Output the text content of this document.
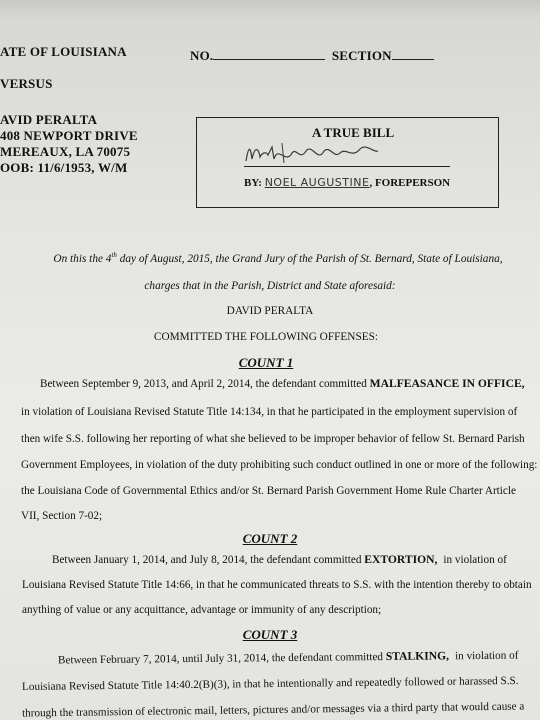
ATE OF LOUISIANA
VERSUS
AVID PERALTA
408 NEWPORT DRIVE
MEREAUX, LA 70075
OOB: 11/6/1953, W/M
NO.	SECTION
A TRUE BILL
BY: NOEL AUGUSTINE, FOREPERSON
On this the 4th day of August, 2015, the Grand Jury of the Parish of St. Bernard, State of Louisiana,
charges that in the Parish, District and State aforesaid:
DAVID PERALTA
COMMITTED THE FOLLOWING OFFENSES:
COUNT 1
Between September 9, 2013, and April 2, 2014, the defendant committed MALFEASANCE IN OFFICE,
in violation of Louisiana Revised Statute Title 14:134, in that he participated in the employment supervision of
then wife S.S. following her reporting of what she believed to be improper behavior of fellow St. Bernard Parish
Government Employees, in violation of the duty prohibiting such conduct outlined in one or more of the following:
the Louisiana Code of Governmental Ethics and/or St. Bernard Parish Government Home Rule Charter Article
VII, Section 7-02;
COUNT 2
Between January 1, 2014, and July 8, 2014, the defendant committed EXTORTION, in violation of
Louisiana Revised Statute Title 14:66, in that he communicated threats to S.S. with the intention thereby to obtain
anything of value or any acquittance, advantage or immunity of any description;
COUNT 3
Between February 7, 2014, until July 31, 2014, the defendant committed STALKING, in violation of
Louisiana Revised Statute Title 14:40.2(B)(3), in that he intentionally and repeatedly followed or harassed S.S.
through the transmission of electronic mail, letters, pictures and/or messages via a third party that would cause a
